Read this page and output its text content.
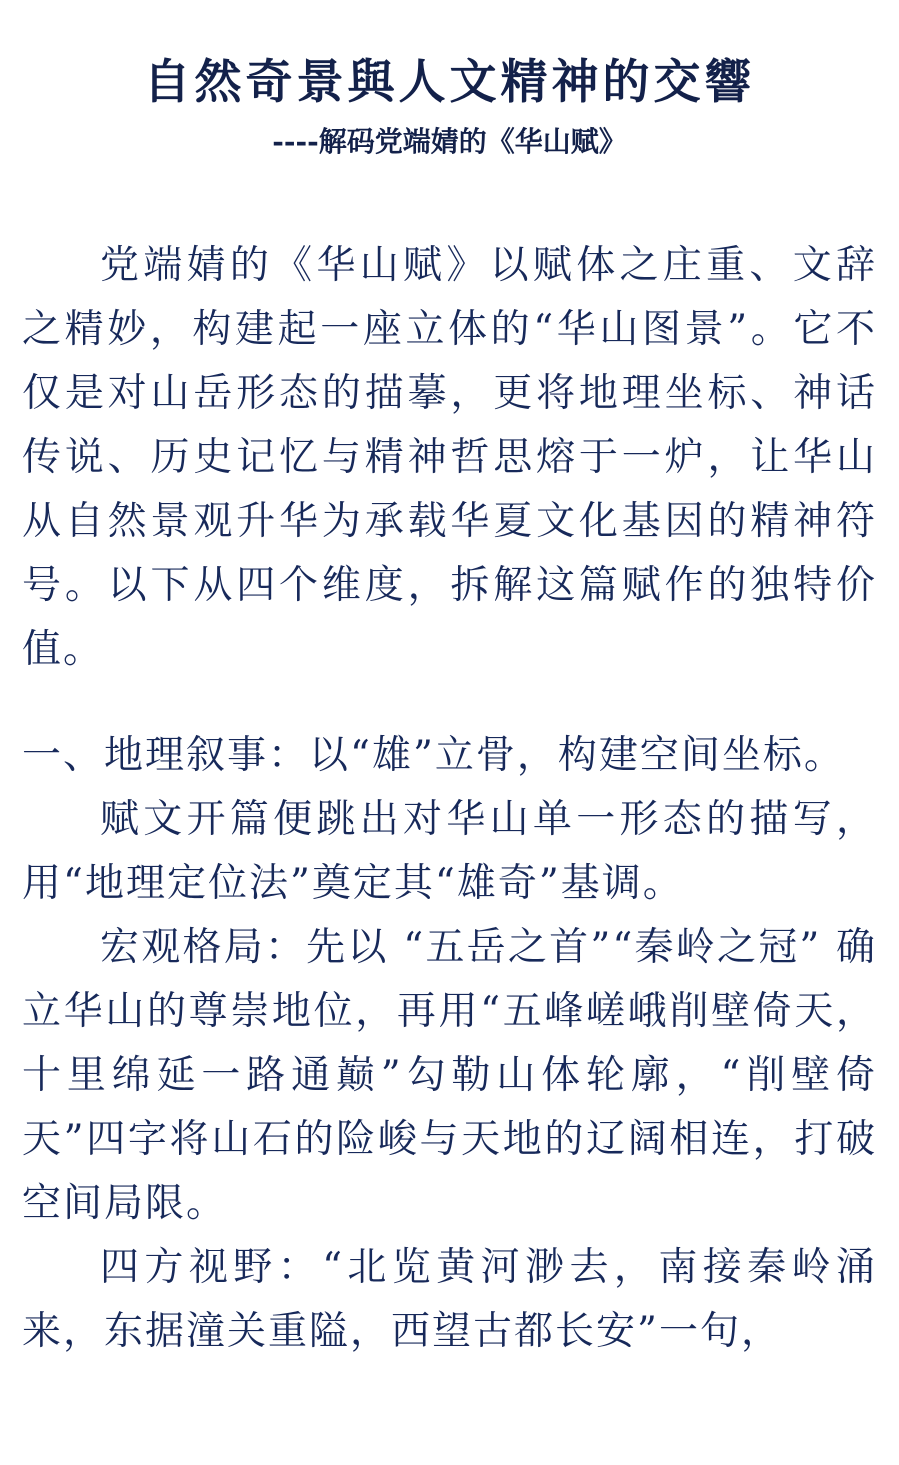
自然奇景與人文精神的交響
----解码党端婧的《华山赋》

党端婧的《华山赋》以赋体之庄重、文辞之精妙，构建起一座立体的“华山图景”。它不仅是对山岳形态的描摹，更将地理坐标、神话传说、历史记忆与精神哲思熔于一炉，让华山从自然景观升华为承载华夏文化基因的精神符号。以下从四个维度，拆解这篇赋作的独特价值。

一、地理叙事：以“雄”立骨，构建空间坐标。

赋文开篇便跳出对华山单一形态的描写，用“地理定位法”奠定其“雄奇”基调。

宏观格局：先以 “五岳之首”“秦岭之冠” 确立华山的尊崇地位，再用“五峰嵯峨削壁倚天，十里绵延一路通巅”勾勒山体轮廓，“削壁倚天”四字将山石的险峻与天地的辽阔相连，打破空间局限。

四方视野：“北览黄河渺去，南接秦岭涌来，东据潼关重隘，西望古都长安”一句，
